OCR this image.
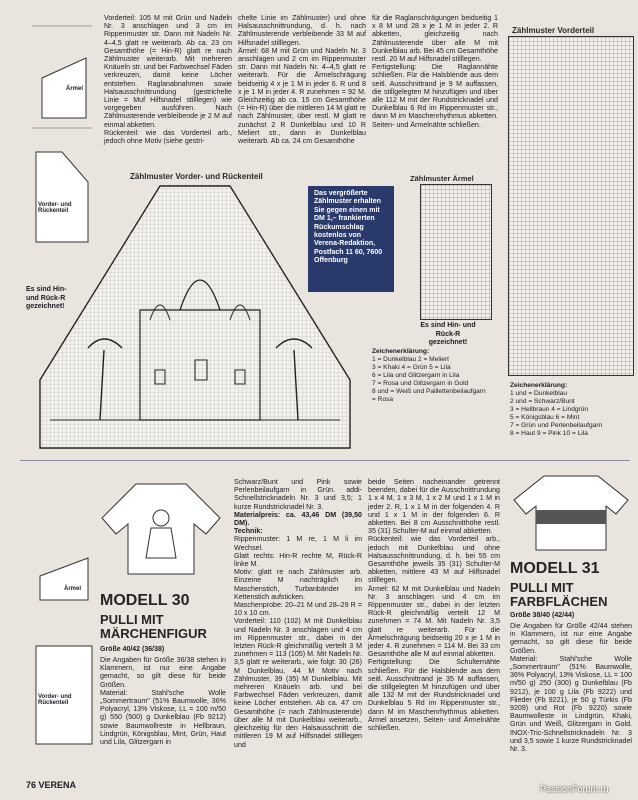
Ärmel
Vorder- und Rückenteil

Vorderteil: 105 M mit Grün und Nadeln Nr. 3 anschlagen und 3 cm im Rippenmuster str. Dann mit Nadeln Nr. 4–4,5 glatt re weiterarb. Ab ca. 23 cm Gesamthöhe (= Hin-R) glatt re nach Zählmuster weiterarb. Mit mehreren Knäueln str. und bei Farbwechsel Fäden verkreuzen, damit keine Löcher entstehen. Raglanabnahmen sowie Halsausschnittrundung (gestrichelte Linie = Muf Hilfsnadel stilllegen) wie vorgegeben ausführen. Nach Zählmusterende verbleibende je 2 M auf einmal abketten.

Rückenteil: wie das Vorderteil arb., jedoch ohne Motiv (siehe gestri-

chelte Linie im Zählmuster) und ohne Halsausschnittrundung, d. h. nach Zählmusterende verbleibende 33 M auf Hilfsnadel stilllegen.

Ärmel: 68 M mit Grün und Nadeln Nr. 3 anschlagen und 2 cm im Rippenmuster str. Dann mit Nadeln Nr. 4–4,5 glatt re weiterarb. Für die Ärmelschrägung beidseitig 4 x je 1 M in jeder 6. R und 8 x je 1 M in jeder 4. R zunehmen = 92 M. Gleichzeitig ab ca. 15 cm Gesamthöhe (= Hin-R) über die mittleren 14 M glatt re nach Zählmuster, über restl. M glatt re zunächst 2 R Dunkelblau und 10 R Meliert str., dann in Dunkelblau weiterarb. Ab ca. 24 cm Gesamthöhe

für die Raglanschrägungen beidseitig 1 x 8 M und 28 x je 1 M in jeder 2. R abketten, gleichzeitig nach Zählmusterende über alle M mit Dunkelblau arb. Bei 45 cm Gesamthöhe restl. 20 M auf Hilfsnadel stilllegen.

Fertigstellung: Die Raglannähte schließen. Für die Halsblende aus dem seitl. Ausschnittrand je 9 M auffassen, die stillgelegten M hinzufügen und über alle 112 M mit der Rundstricknadel und Dunkelblau 6 Rd im Rippenmuster str., dann M im Maschenrhythmus abketten. Seiten- und Ärmelnähte schließen.

Zählmuster Vorder- und Rückenteil
Es sind Hin- und Rück-R gezeichnet!
Das vergrößerte Zählmuster erhalten Sie gegen einen mit DM 1,– frankierten Rückumschlag kostenlos von Verena-Redaktion, Postfach 11 60, 7600 Offenburg
Zählmuster Ärmel
Es sind Hin- und Rück-R gezeichnet!
Zählmuster Vorderteil
Zeichenerklärung:
1 = Dunkelblau 2 = Meliert
3 = Khaki 4 = Grün 5 = Lila
6 = Lila und Glitzergarn in Lila
7 = Rosa und Glitzergarn in Gold
8 und = Weiß und Paillettenbeilaufgarn
= Rosa
Zeichenerklärung:
1 und = Dunkelblau
2 und = Schwarz/Bunt
3 = Hellbraun 4 = Lindgrün
5 = Königsblau 6 = Mint
7 = Grün und Perlenbeilaufgarn
8 = Haut 9 = Pink 10 = Lila
Ärmel
Vorder- und Rückenteil
MODELL 30
PULLI MIT
MÄRCHENFIGUR
Größe 40/42 (36/38)

Die Angaben für Größe 36/38 stehen in Klammern, ist nur eine Angabe gemacht, so gilt diese für beide Größen.

Material: Stahl'sche Wolle „Sommertraum" (51% Baumwolle, 36% Polyacryl, 13% Viskose, LL = 100 m/50 g) 550 (500) g Dunkelblau (Fb 9212) sowie Baumwollreste in Hellbraun, Lindgrün, Königsblau, Mint, Grün, Haut und Lila, Glitzergarn in

Schwarz/Bunt und Pink sowie Perlenbeilaufgarn in Grün. addi-Schnellstricknadeln Nr. 3 und 3,5; 1 kurze Rundstricknadel Nr. 3.

Materialpreis: ca. 43,46 DM (39,50 DM).

Technik:

Rippenmuster: 1 M re, 1 M li im Wechsel.

Glatt rechts: Hin-R rechte M, Rück-R linke M.

Motiv: glatt re nach Zählmuster arb. Einzeine M nachträglich im Maschenstich, Turbanbänder im Kettenstich aufsticken.

Maschenprobe: 20–21 M und 28–29 R = 10 x 10 cm.

Vorderteil: 110 (102) M mit Dunkelblau und Nadeln Nr. 3 anschlagen und 4 cm im Rippenmuster str., dabei in der letzten Rück-R gleichmäßig verteilt 3 M zunehmen = 113 (105) M. Mit Nadeln Nr. 3,5 glatt re weiterarb., wie folgt: 30 (26) M Dunkelblau, 44 M Motiv nach Zählmuster, 39 (35) M Dunkelblau. Mit mehreren Knäueln arb. und bei Farbwechsel Fäden verkreuzen, damit keine Löcher entstehen. Ab ca. 47 cm Gesamthöhe (= nach Zählmusterende) über alle M mit Dunkelblau weiterarb., gleichzeitig für den Halsausschnitt die mittleren 19 M auf Hilfsnadel stilllegen und

beide Seiten nacheinander getrennt beenden, dabei für die Ausschnittrundung 1 x 4 M, 1 x 3 M, 1 x 2 M und 1 x 1 M in jeder 2. R, 1 x 1 M in der folgenden 4. R und 1 x 1 M in der folgenden 6. R abketten. Bei 8 cm Ausschnitthöhe restl. 35 (31) Schulter-M auf einmal abketten.

Rückenteil: wie das Vorderteil arb., jedoch mit Dunkelblau und ohne Halsausschnittrundung, d. h. bei 55 cm Gesamthöhe jeweils 35 (31) Schulter-M abketten, mittlere 43 M auf Hilfsnadel stilllegen.

Ärmel: 62 M mit Dunkelblau und Nadeln Nr. 3 anschlagen und 4 cm im Rippenmuster str., dabei in der letzten Rück-R gleichmäßig verteilt 12 M zunehmen = 74 M. Mit Nadeln Nr. 3,5 glatt re weiterarb. Für die Ärmelschrägung beidseitig 20 x je 1 M in jeder 4. R zunehmen = 114 M. Bei 33 cm Gesamthöhe alle M auf einmal abketten.

Fertigstellung: Die Schulternähte schließen. Für die Halsblende aus dem seitl. Ausschnittrand je 35 M auffassen, die stillgelegten M hinzufügen und über alle 132 M mit der Rundstricknadel und Dunkelblau 5 Rd im Rippenmuster str., dann M im Maschenrhythmus abketten. Ärmel ansetzen, Seiten- und Ärmelnähte schließen.

MODELL 31
PULLI MIT
FARBFLÄCHEN
Größe 38/40 (42/44)

Die Angaben für Größe 42/44 stehen in Klammern, ist nur eine Angabe gemacht, so gilt diese für beide Größen.

Material: Stahl'sche Wolle „Sommertraum" (51% Baumwolle, 36% Polyacryl, 13% Viskose, LL = 100 m/50 g) 250 (300) g Dunkelblau (Fb 9212), je 100 g Lila (Fb 9222) und Flieder (Fb 9221), je 50 g Türkis (Fb 9209) und Rot (Fb 9220) sowie Baumwolleste in Lindgrün, Khaki, Grün und Weiß, Glitzergarn in Gold. INOX-Tric-Schnellstricknadeln Nr. 3 und 3,5 sowie 1 kurze Rundstricknadel Nr. 3.

76 VERENA	PassionForum.ru
